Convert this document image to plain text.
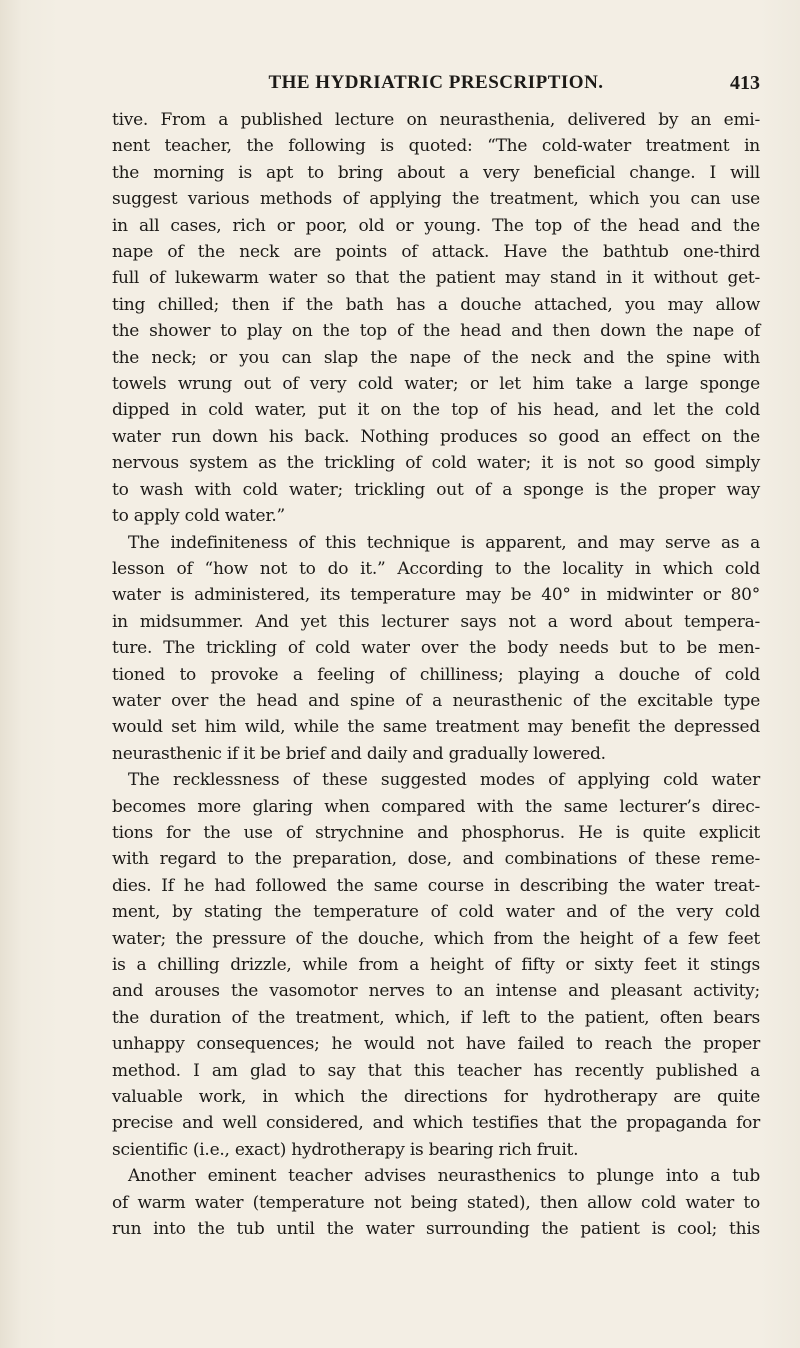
THE HYDRIATRIC PRESCRIPTION.	413
tive. From a published lecture on neurasthenia, delivered by an emi-
nent teacher, the following is quoted: “The cold-water treatment in
the morning is apt to bring about a very beneficial change. I will
suggest various methods of applying the treatment, which you can use
in all cases, rich or poor, old or young. The top of the head and the
nape of the neck are points of attack. Have the bathtub one-third
full of lukewarm water so that the patient may stand in it without get-
ting chilled; then if the bath has a douche attached, you may allow
the shower to play on the top of the head and then down the nape of
the neck; or you can slap the nape of the neck and the spine with
towels wrung out of very cold water; or let him take a large sponge
dipped in cold water, put it on the top of his head, and let the cold
water run down his back. Nothing produces so good an effect on the
nervous system as the trickling of cold water; it is not so good simply
to wash with cold water; trickling out of a sponge is the proper way
to apply cold water.”
The indefiniteness of this technique is apparent, and may serve as a
lesson of “how not to do it.” According to the locality in which cold
water is administered, its temperature may be 40° in midwinter or 80°
in midsummer. And yet this lecturer says not a word about tempera-
ture. The trickling of cold water over the body needs but to be men-
tioned to provoke a feeling of chilliness; playing a douche of cold
water over the head and spine of a neurasthenic of the excitable type
would set him wild, while the same treatment may benefit the depressed
neurasthenic if it be brief and daily and gradually lowered.
The recklessness of these suggested modes of applying cold water
becomes more glaring when compared with the same lecturer’s direc-
tions for the use of strychnine and phosphorus. He is quite explicit
with regard to the preparation, dose, and combinations of these reme-
dies. If he had followed the same course in describing the water treat-
ment, by stating the temperature of cold water and of the very cold
water; the pressure of the douche, which from the height of a few feet
is a chilling drizzle, while from a height of fifty or sixty feet it stings
and arouses the vasomotor nerves to an intense and pleasant activity;
the duration of the treatment, which, if left to the patient, often bears
unhappy consequences; he would not have failed to reach the proper
method. I am glad to say that this teacher has recently published a
valuable work, in which the directions for hydrotherapy are quite
precise and well considered, and which testifies that the propaganda for
scientific (i.e., exact) hydrotherapy is bearing rich fruit.
Another eminent teacher advises neurasthenics to plunge into a tub
of warm water (temperature not being stated), then allow cold water to
run into the tub until the water surrounding the patient is cool; this
